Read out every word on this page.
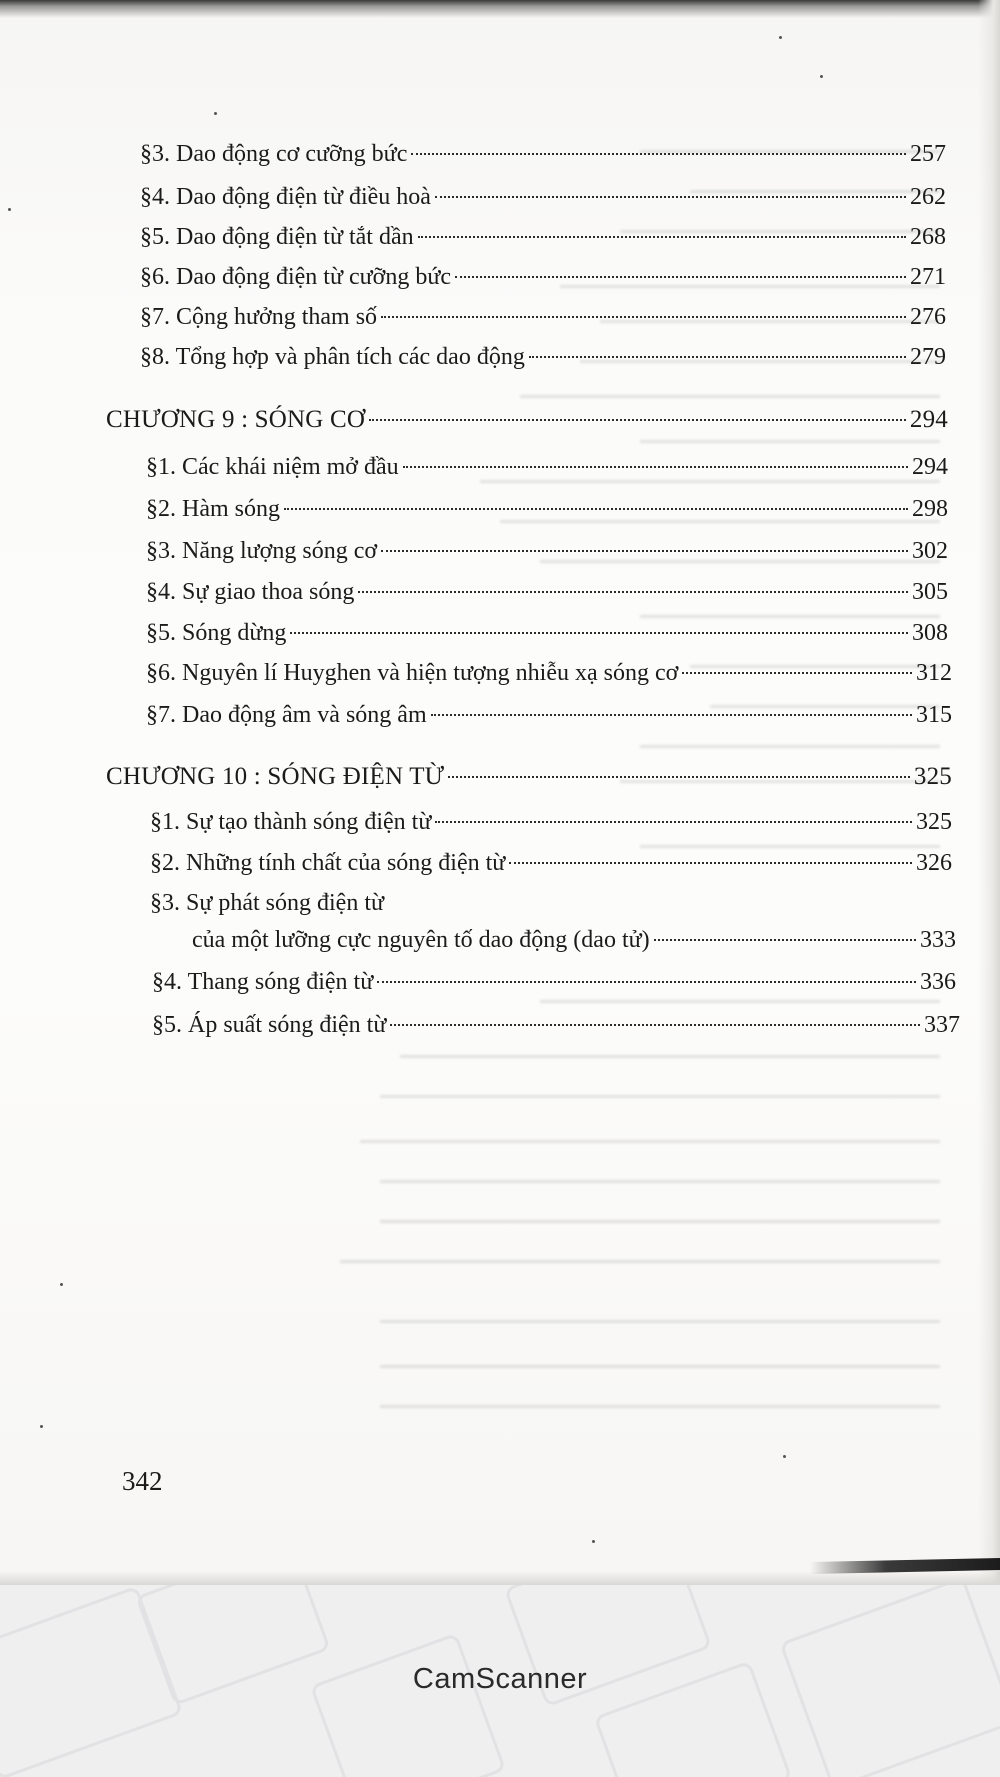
§3. Dao động cơ cưỡng bức	257
§4. Dao động điện từ điều hoà	262
§5. Dao động điện từ tắt dần	268
§6. Dao động điện từ cưỡng bức	271
§7. Cộng hưởng tham số	276
§8. Tổng hợp và phân tích các dao động	279
CHƯƠNG 9 : SÓNG CƠ	294
§1. Các khái niệm mở đầu	294
§2. Hàm sóng	298
§3. Năng lượng sóng cơ	302
§4. Sự giao thoa sóng	305
§5. Sóng dừng	308
§6. Nguyên lí Huyghen và hiện tượng nhiễu xạ sóng cơ	312
§7. Dao động âm và sóng âm	315
CHƯƠNG 10 : SÓNG ĐIỆN TỪ	325
§1. Sự tạo thành sóng điện từ	325
§2. Những tính chất của sóng điện từ	326
§3. Sự phát sóng điện từ
của một lưỡng cực nguyên tố dao động (dao tử)	333
§4. Thang sóng điện từ	336
§5. Áp suất sóng điện từ	337
342
CamScanner
